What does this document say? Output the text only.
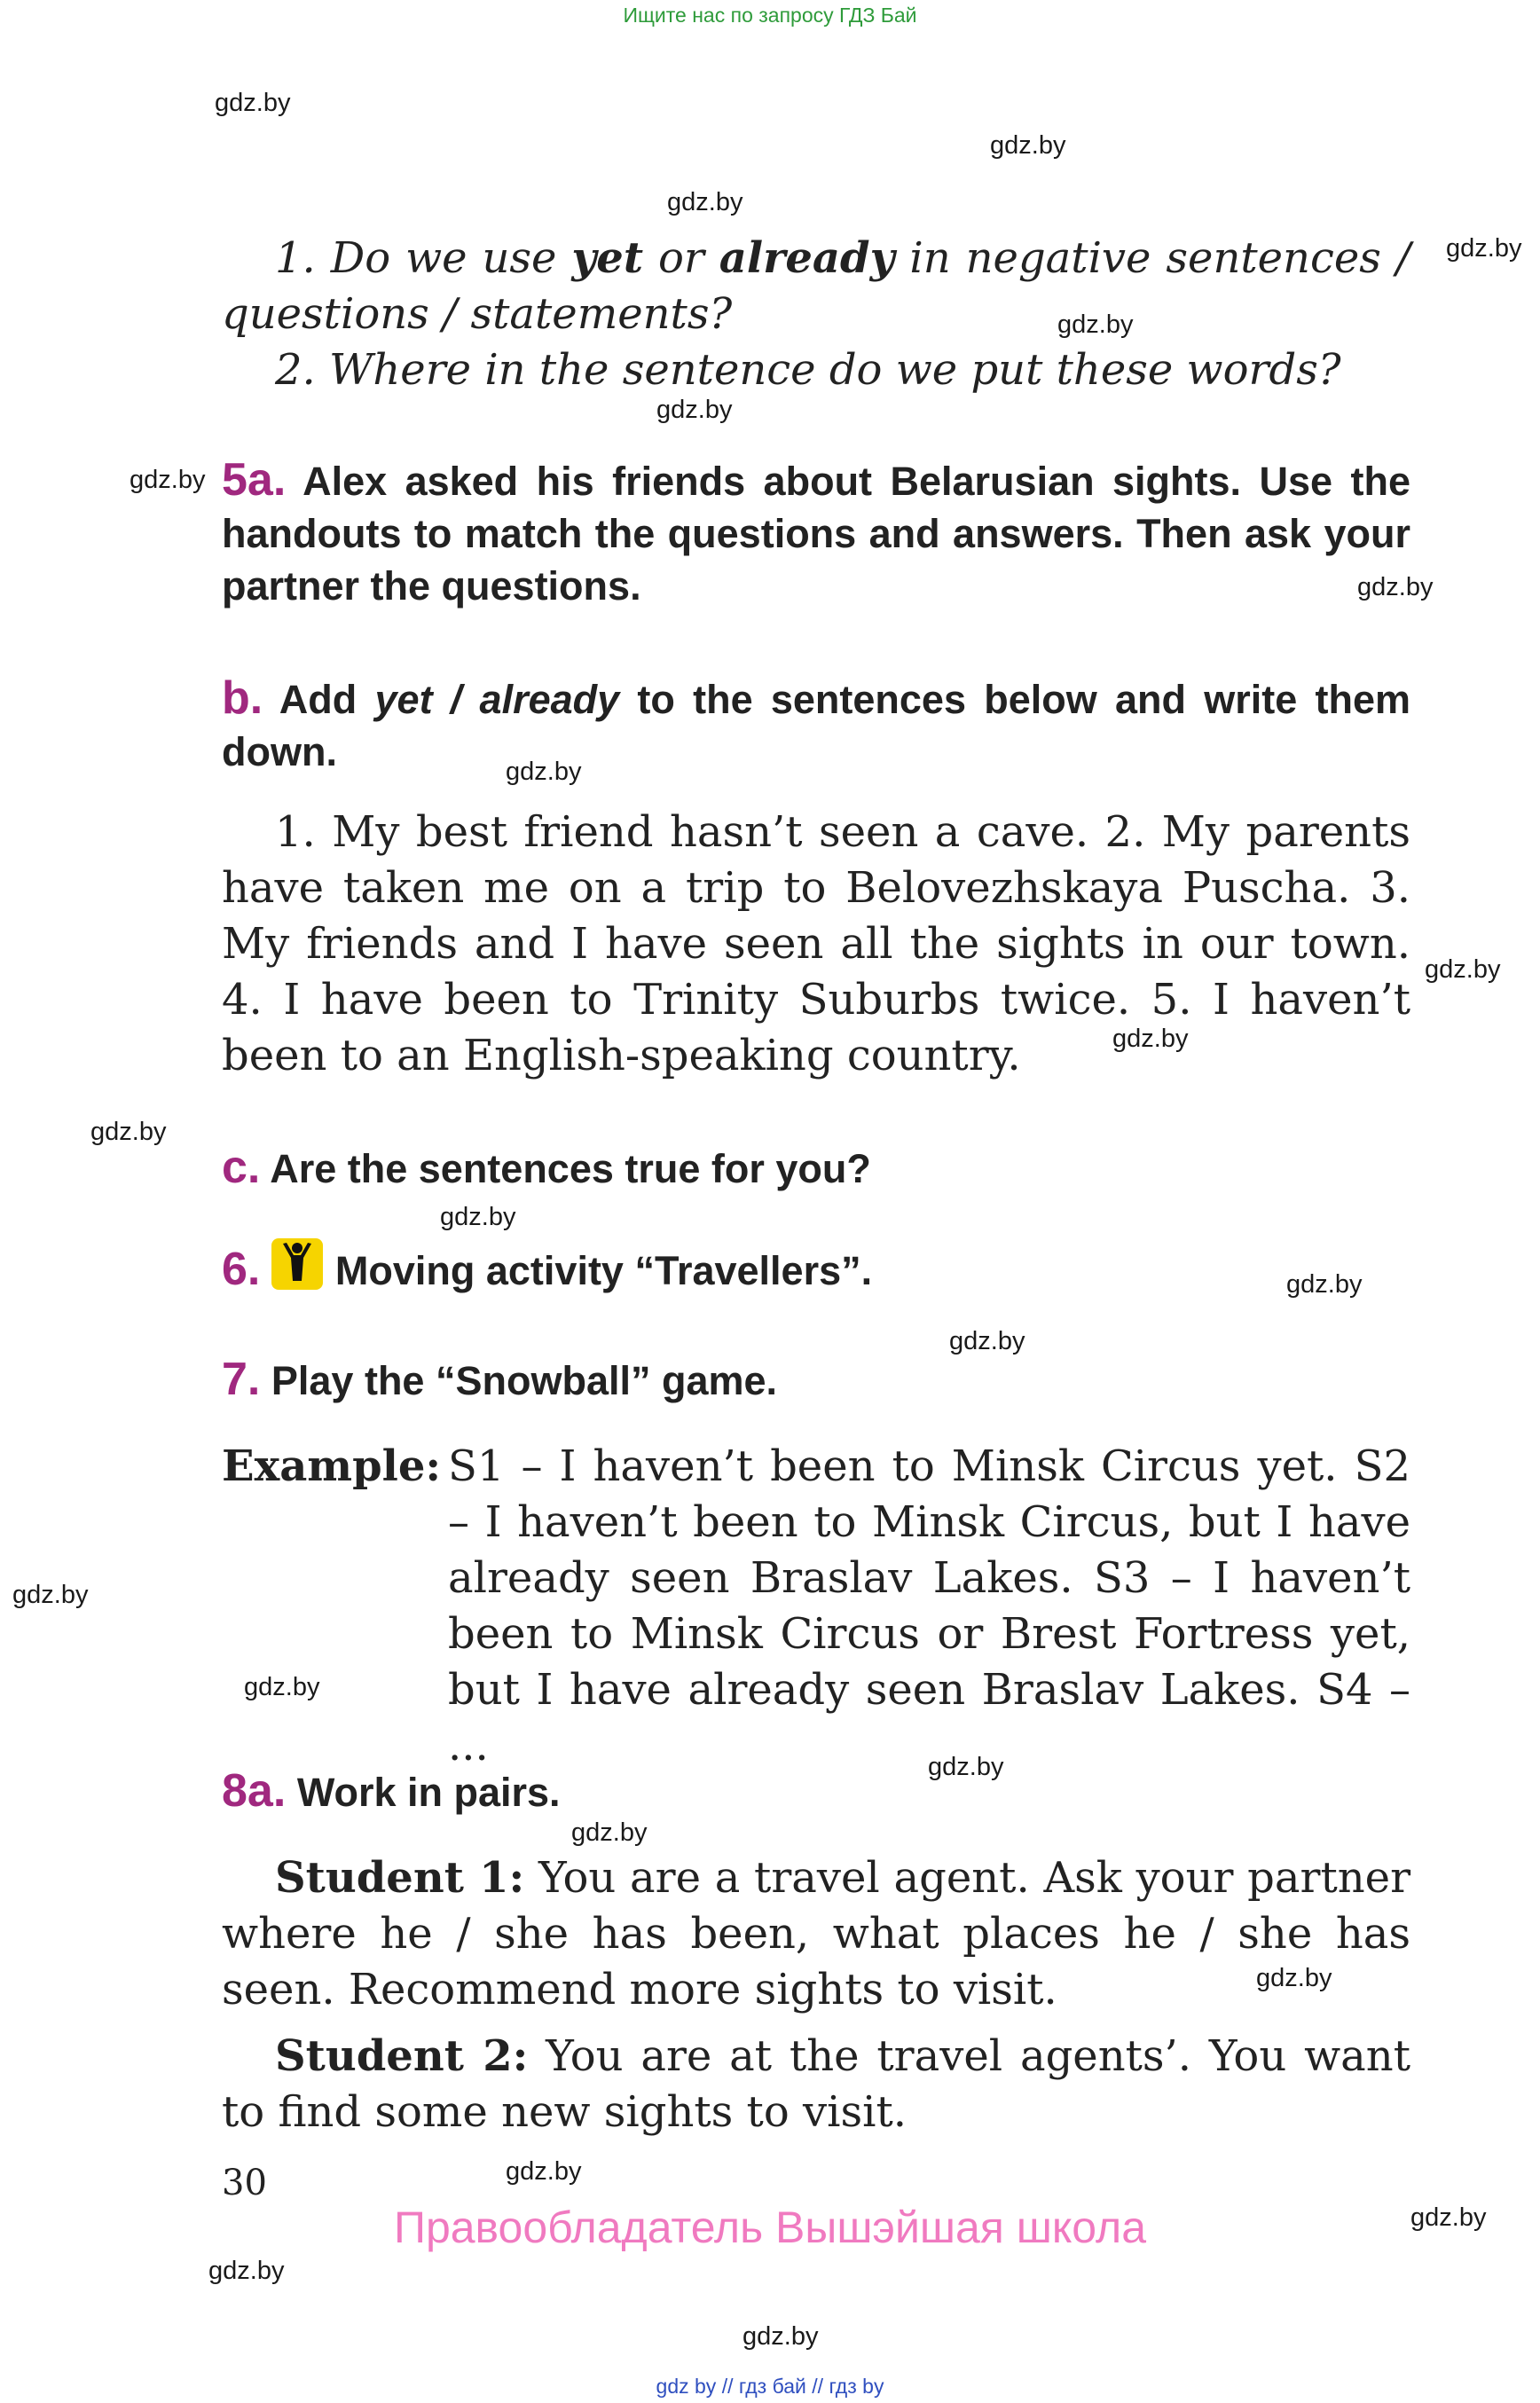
Ищите нас по запросу ГДЗ Бай
gdz.by
gdz.by
gdz.by
gdz.by
gdz.by
gdz.by
gdz.by
gdz.by
gdz.by
gdz.by
gdz.by
gdz.by
gdz.by
gdz.by
gdz.by
gdz.by
gdz.by
gdz.by
gdz.by
gdz.by
gdz.by
gdz.by
gdz.by
gdz.by

1. Do we use yet or already in negative sentences / questions / statements?

2. Where in the sentence do we put these words?

5a. Alex asked his friends about Belarusian sights. Use the handouts to match the questions and answers. Then ask your partner the questions.

b. Add yet / already to the sentences below and write them down.

1. My best friend hasn’t seen a cave. 2. My parents have taken me on a trip to Belovezhskaya Puscha. 3. My friends and I have seen all the sights in our town. 4. I have been to Trinity Suburbs twice. 5. I haven’t been to an English-speaking country.

c. Are the sentences true for you?

6. Moving activity “Travellers”.

7. Play the “Snowball” game.

Example: S1 – I haven’t been to Minsk Circus yet. S2 – I haven’t been to Minsk Circus, but I have already seen Braslav Lakes. S3 – I haven’t been to Minsk Circus or Brest Fortress yet, but I have already seen Braslav Lakes. S4 – ...

8a. Work in pairs.

Student 1: You are a travel agent. Ask your partner where he / she has been, what places he / she has seen. Recommend more sights to visit.

Student 2: You are at the travel agents’. You want to find some new sights to visit.

30
Правообладатель Вышэйшая школа
gdz by // гдз бай // гдз by
